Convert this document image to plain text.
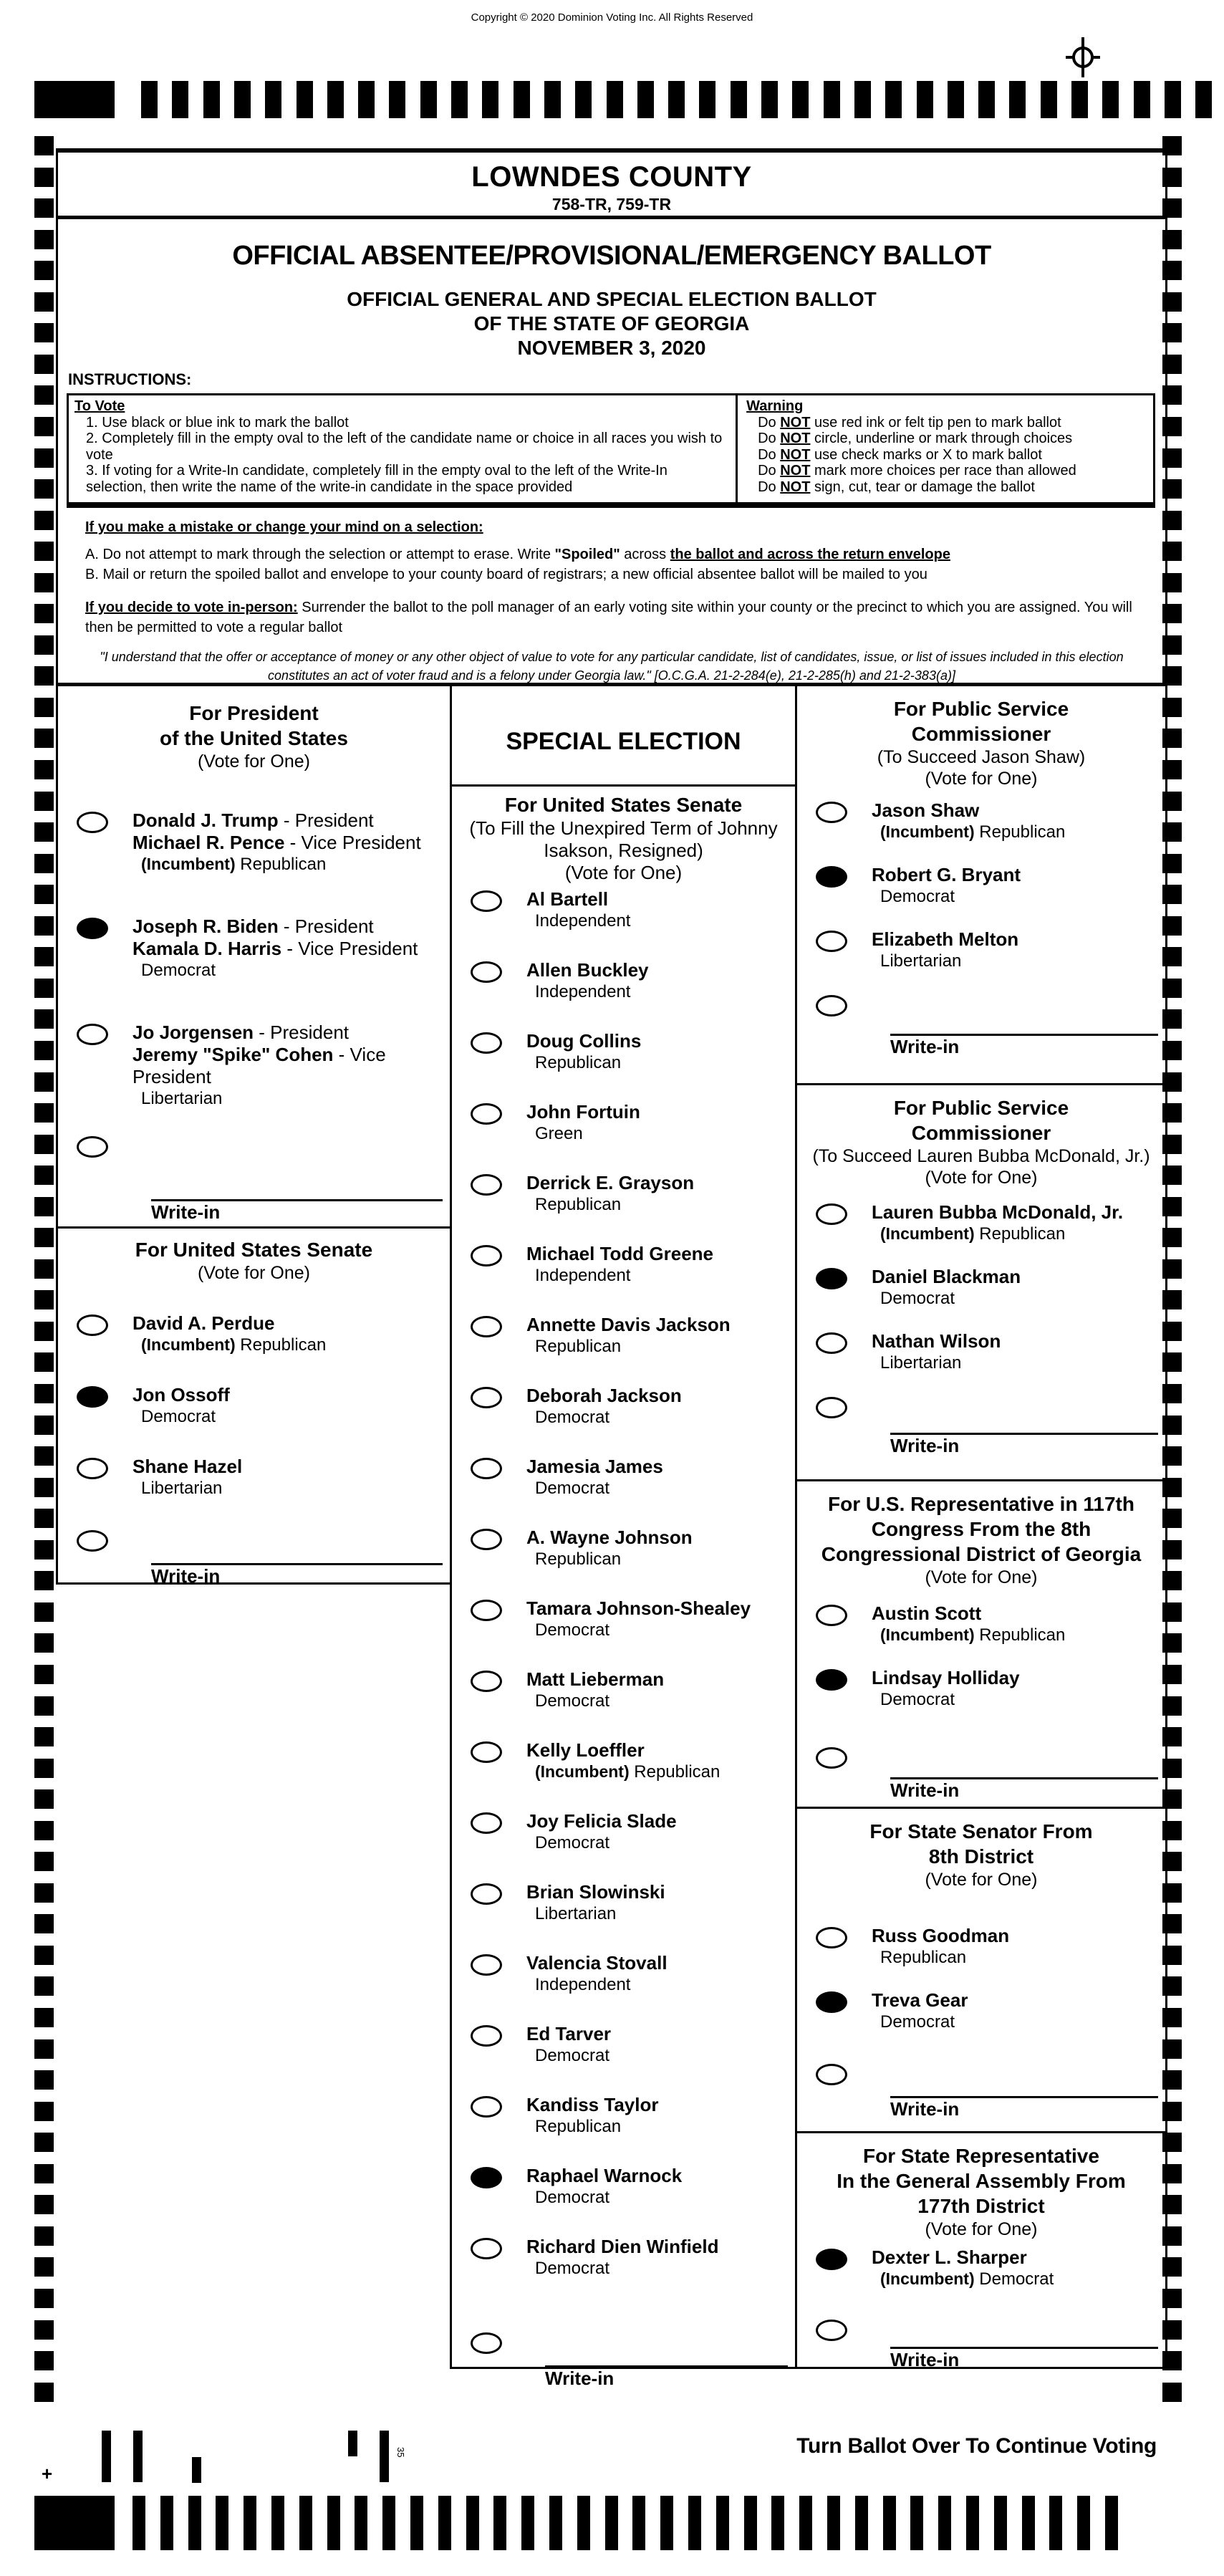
Copyright © 2020 Dominion Voting Inc. All Rights Reserved
LOWNDES COUNTY
758-TR, 759-TR
OFFICIAL ABSENTEE/PROVISIONAL/EMERGENCY BALLOT
OFFICIAL GENERAL AND SPECIAL ELECTION BALLOT
OF THE STATE OF GEORGIA
NOVEMBER 3, 2020
INSTRUCTIONS:
To Vote
1. Use black or blue ink to mark the ballot
2. Completely fill in the empty oval to the left of the candidate name or choice in all races you wish to vote
3. If voting for a Write-In candidate, completely fill in the empty oval to the left of the Write-In selection, then write the name of the write-in candidate in the space provided
Warning
Do NOT use red ink or felt tip pen to mark ballot
Do NOT circle, underline or mark through choices
Do NOT use check marks or X to mark ballot
Do NOT mark more choices per race than allowed
Do NOT sign, cut, tear or damage the ballot
If you make a mistake or change your mind on a selection:
A. Do not attempt to mark through the selection or attempt to erase. Write "Spoiled" across the ballot and across the return envelope
B. Mail or return the spoiled ballot and envelope to your county board of registrars; a new official absentee ballot will be mailed to you
If you decide to vote in-person: Surrender the ballot to the poll manager of an early voting site within your county or the precinct to which you are assigned. You will then be permitted to vote a regular ballot
"I understand that the offer or acceptance of money or any other object of value to vote for any particular candidate, list of candidates, issue, or list of issues included in this election constitutes an act of voter fraud and is a felony under Georgia law." [O.C.G.A. 21-2-284(e), 21-2-285(h) and 21-2-383(a)]
For President
of the United States
(Vote for One)
Donald J. Trump - President
Michael R. Pence - Vice President
(Incumbent) Republican
Joseph R. Biden - President
Kamala D. Harris - Vice President
Democrat
Jo Jorgensen - President
Jeremy "Spike" Cohen - Vice President
Libertarian
Write-in
For United States Senate
(Vote for One)
David A. Perdue
(Incumbent) Republican
Jon Ossoff
Democrat
Shane Hazel
Libertarian
Write-in
SPECIAL ELECTION
For United States Senate
(To Fill the Unexpired Term of Johnny
Isakson, Resigned)
(Vote for One)
Al Bartell
Independent
Allen Buckley
Independent
Doug Collins
Republican
John Fortuin
Green
Derrick E. Grayson
Republican
Michael Todd Greene
Independent
Annette Davis Jackson
Republican
Deborah Jackson
Democrat
Jamesia James
Democrat
A. Wayne Johnson
Republican
Tamara Johnson-Shealey
Democrat
Matt Lieberman
Democrat
Kelly Loeffler
(Incumbent) Republican
Joy Felicia Slade
Democrat
Brian Slowinski
Libertarian
Valencia Stovall
Independent
Ed Tarver
Democrat
Kandiss Taylor
Republican
Raphael Warnock
Democrat
Richard Dien Winfield
Democrat
Write-in
For Public Service
Commissioner
(To Succeed Jason Shaw)
(Vote for One)
Jason Shaw
(Incumbent) Republican
Robert G. Bryant
Democrat
Elizabeth Melton
Libertarian
Write-in
For Public Service
Commissioner
(To Succeed Lauren Bubba McDonald, Jr.)
(Vote for One)
Lauren Bubba McDonald, Jr.
(Incumbent) Republican
Daniel Blackman
Democrat
Nathan Wilson
Libertarian
Write-in
For U.S. Representative in 117th
Congress From the 8th
Congressional District of Georgia
(Vote for One)
Austin Scott
(Incumbent) Republican
Lindsay Holliday
Democrat
Write-in
For State Senator From
8th District
(Vote for One)
Russ Goodman
Republican
Treva Gear
Democrat
Write-in
For State Representative
In the General Assembly From
177th District
(Vote for One)
Dexter L. Sharper
(Incumbent) Democrat
Write-in
+
35	Turn Ballot Over To Continue Voting
